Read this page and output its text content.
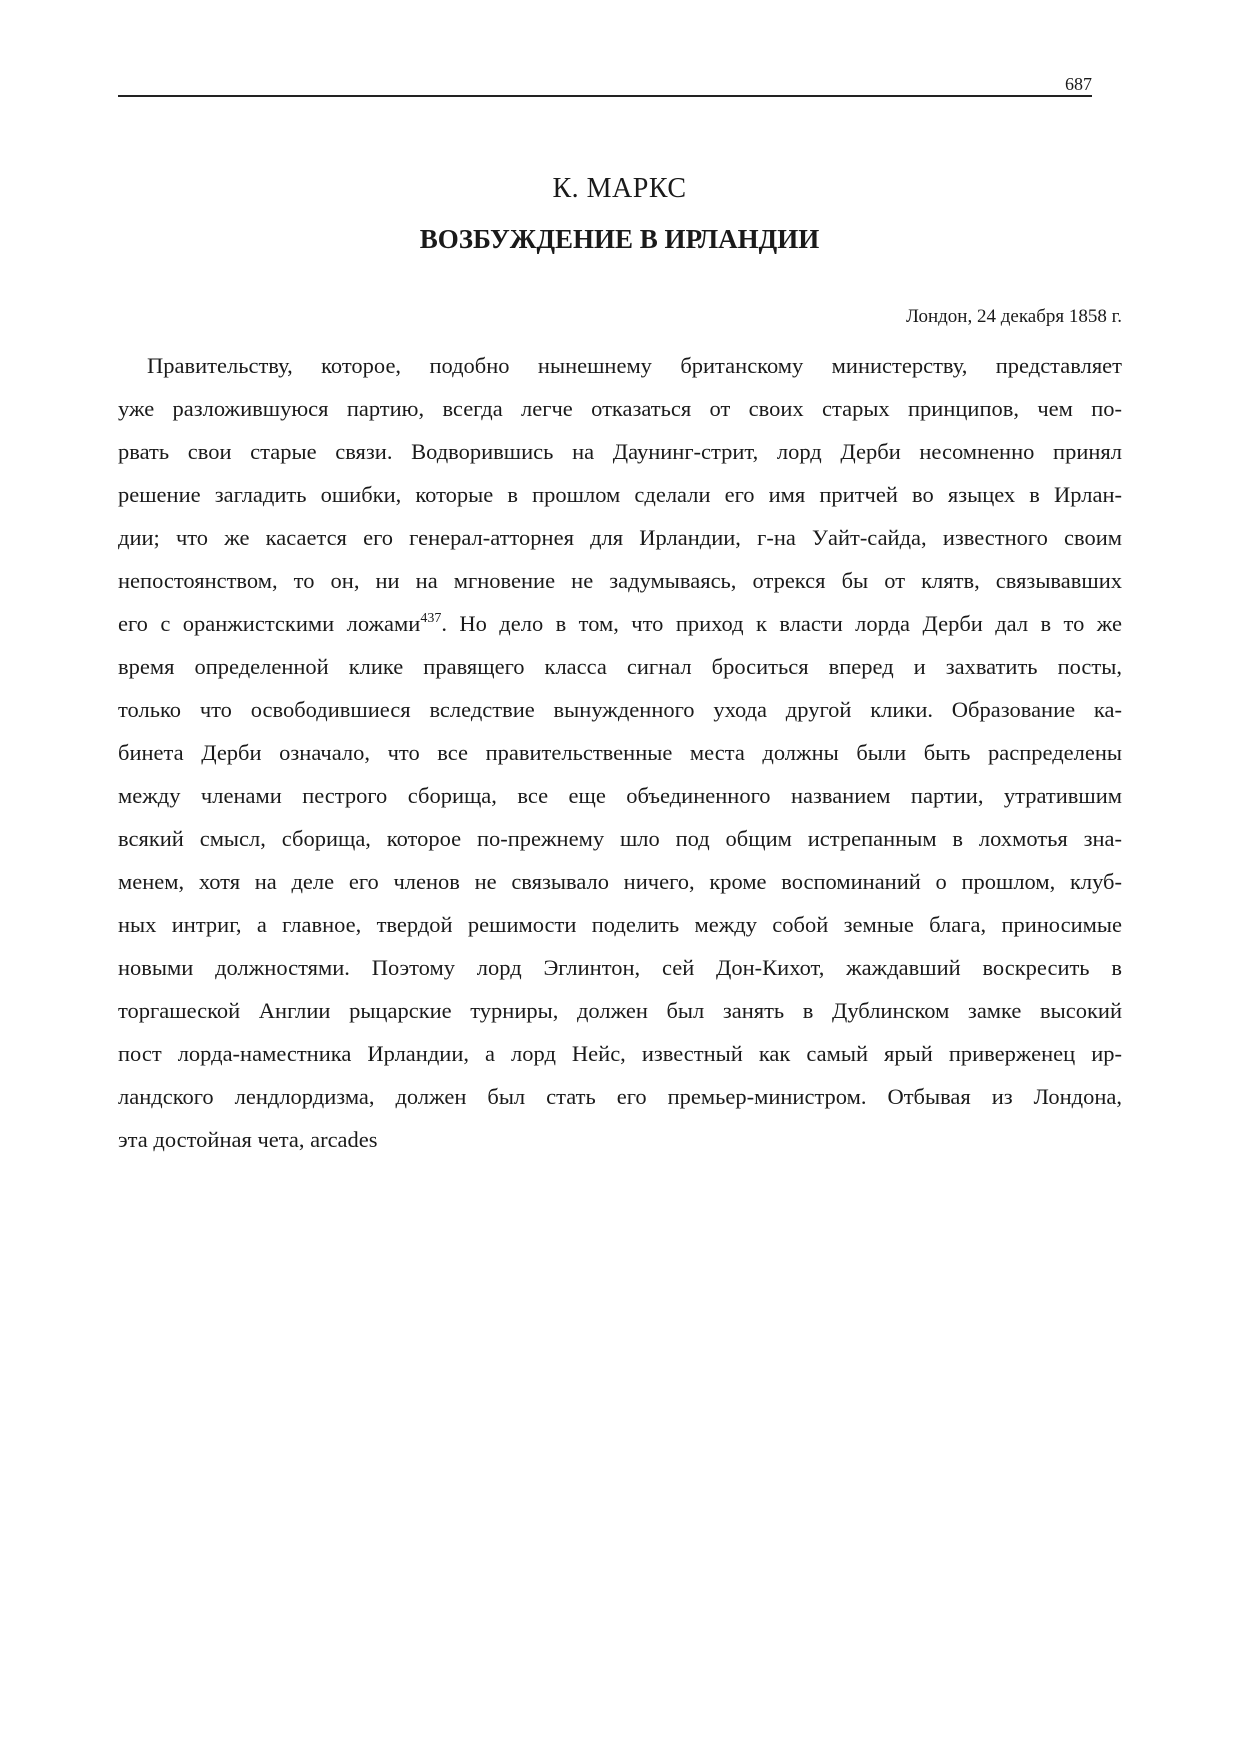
687
К. МАРКС
ВОЗБУЖДЕНИЕ В ИРЛАНДИИ
Лондон, 24 декабря 1858 г.
Правительству, которое, подобно нынешнему британскому министерству, представляет
уже разложившуюся партию, всегда легче отказаться от своих старых принципов, чем по-
рвать свои старые связи. Водворившись на Даунинг-стрит, лорд Дерби несомненно принял
решение загладить ошибки, которые в прошлом сделали его имя притчей во языцех в Ирлан-
дии; что же касается его генерал-атторнея для Ирландии, г-на Уайт-сайда, известного своим
непостоянством, то он, ни на мгновение не задумываясь, отрекся бы от клятв, связывавших
его с оранжистскими ложами$^{437}$. Но дело в том, что приход к власти лорда Дерби дал в то же
время определенной клике правящего класса сигнал броситься вперед и захватить посты,
только что освободившиеся вследствие вынужденного ухода другой клики. Образование ка-
бинета Дерби означало, что все правительственные места должны были быть распределены
между членами пестрого сборища, все еще объединенного названием партии, утратившим
всякий смысл, сборища, которое по-прежнему шло под общим истрепанным в лохмотья зна-
менем, хотя на деле его членов не связывало ничего, кроме воспоминаний о прошлом, клуб-
ных интриг, а главное, твердой решимости поделить между собой земные блага, приносимые
новыми должностями. Поэтому лорд Эглинтон, сей Дон-Кихот, жаждавший воскресить в
торгашеской Англии рыцарские турниры, должен был занять в Дублинском замке высокий
пост лорда-наместника Ирландии, а лорд Нейс, известный как самый ярый приверженец ир-
ландского лендлордизма, должен был стать его премьер-министром. Отбывая из Лондона,
эта достойная чета, arcades
